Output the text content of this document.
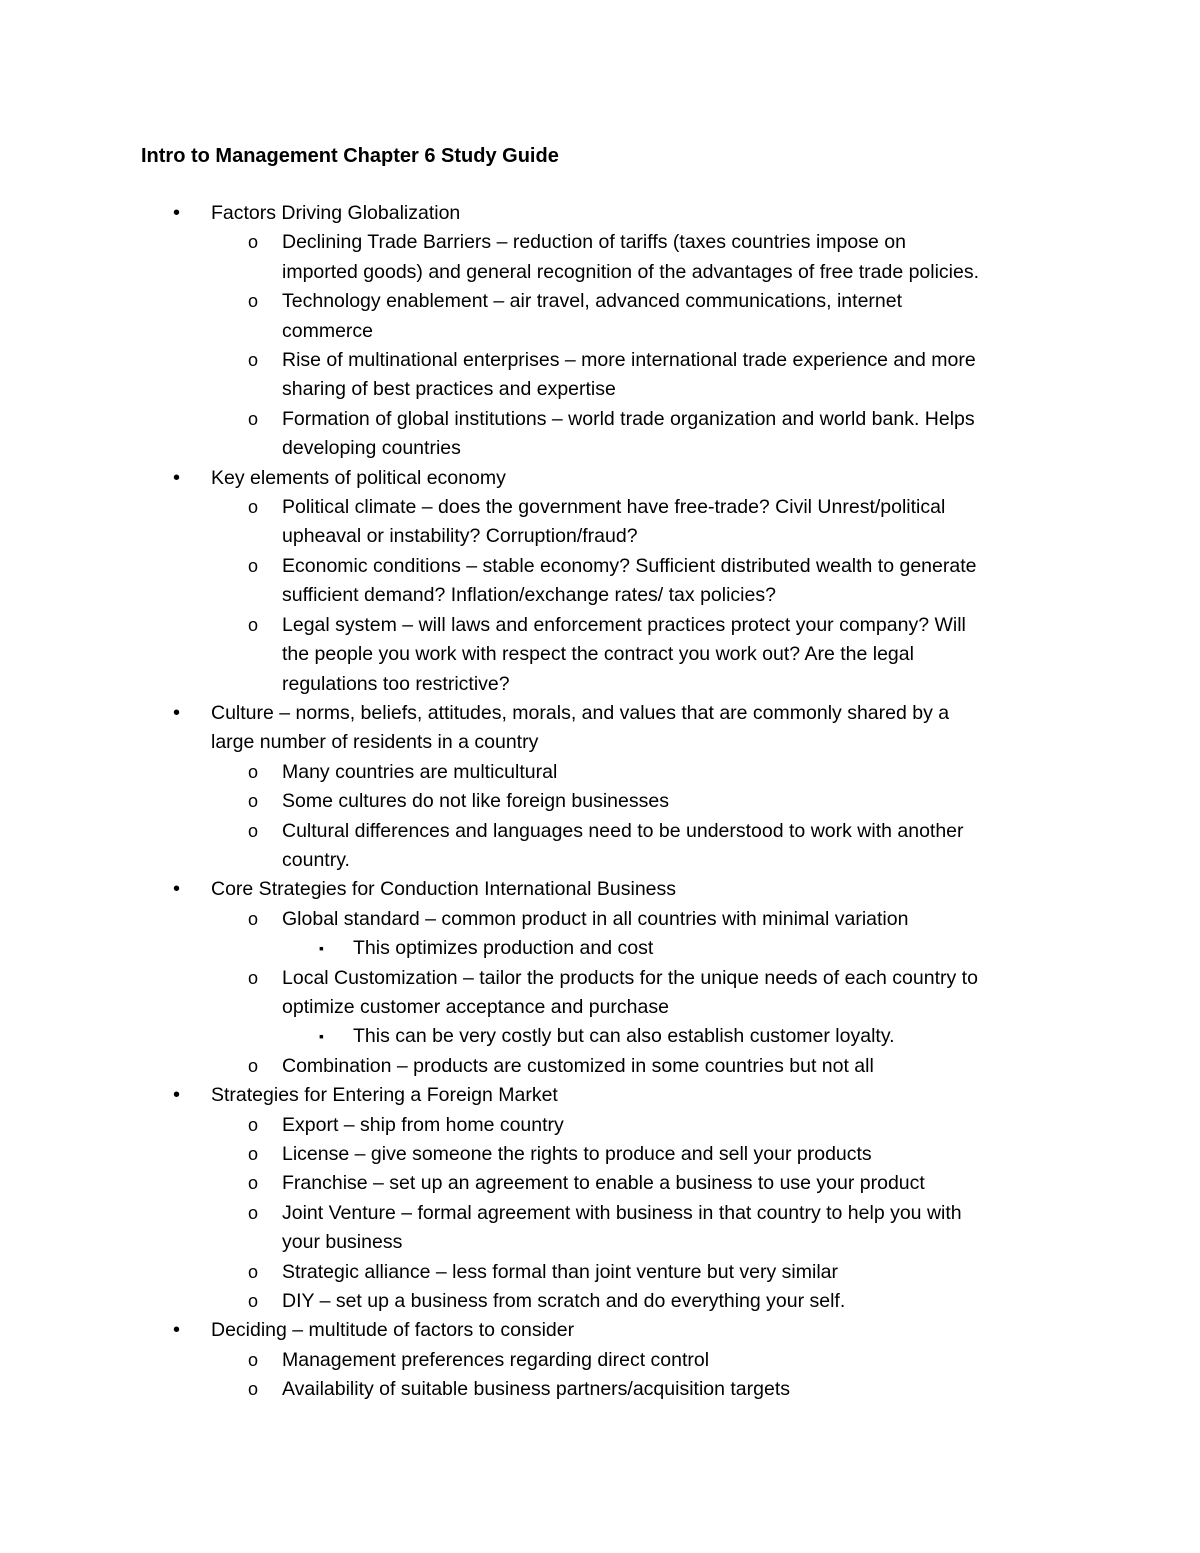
Intro to Management Chapter 6 Study Guide
• Factors Driving Globalization
o Declining Trade Barriers – reduction of tariffs (taxes countries impose on
imported goods) and general recognition of the advantages of free trade policies.
o Technology enablement – air travel, advanced communications, internet
commerce
o Rise of multinational enterprises – more international trade experience and more
sharing of best practices and expertise
o Formation of global institutions – world trade organization and world bank. Helps
developing countries
• Key elements of political economy
o Political climate – does the government have free-trade? Civil Unrest/political
upheaval or instability? Corruption/fraud?
o Economic conditions – stable economy? Sufficient distributed wealth to generate
sufficient demand? Inflation/exchange rates/ tax policies?
o Legal system – will laws and enforcement practices protect your company? Will
the people you work with respect the contract you work out? Are the legal
regulations too restrictive?
• Culture – norms, beliefs, attitudes, morals, and values that are commonly shared by a
large number of residents in a country
o Many countries are multicultural
o Some cultures do not like foreign businesses
o Cultural differences and languages need to be understood to work with another
country.
• Core Strategies for Conduction International Business
o Global standard – common product in all countries with minimal variation
▪ This optimizes production and cost
o Local Customization – tailor the products for the unique needs of each country to
optimize customer acceptance and purchase
▪ This can be very costly but can also establish customer loyalty.
o Combination – products are customized in some countries but not all
• Strategies for Entering a Foreign Market
o Export – ship from home country
o License – give someone the rights to produce and sell your products
o Franchise – set up an agreement to enable a business to use your product
o Joint Venture – formal agreement with business in that country to help you with
your business
o Strategic alliance – less formal than joint venture but very similar
o DIY – set up a business from scratch and do everything your self.
• Deciding – multitude of factors to consider
o Management preferences regarding direct control
o Availability of suitable business partners/acquisition targets
